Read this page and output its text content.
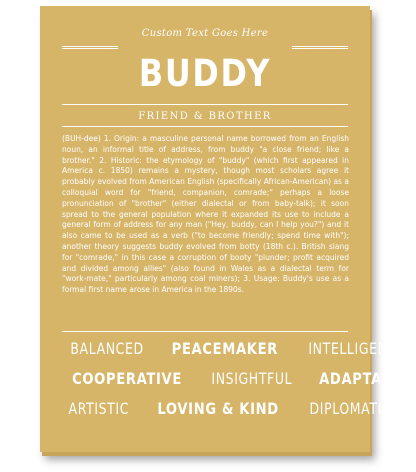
Custom Text Goes Here
BUDDY
FRIEND & BROTHER

(BUH-dee) 1. Origin: a masculine personal name borrowed from an English noun, an informal title of address, from buddy "a close friend; like a brother." 2. Historic: the etymology of "buddy" (which first appeared in America c. 1850) remains a mystery, though most scholars agree it probably evolved from American English (specifically African-American) as a colloquial word for "friend, companion, comrade;" perhaps a loose pronunciation of "brother" (either dialectal or from baby-talk); it soon spread to the general population where it expanded its use to include a general form of address for any man ("Hey, buddy, can I help you?") and it also came to be used as a verb ("to become friendly; spend time with"); another theory suggests buddy evolved from botty (18th c.). British slang for "comrade," in this case a corruption of booty "plunder; profit acquired and divided among allies" (also found in Wales as a dialectal term for "work-mate," particularly among coal miners); 3. Usage: Buddy's use as a formal first name arose in America in the 1890s.

BALANCED PEACEMAKER INTELLIGENT
COOPERATIVE INSIGHTFUL ADAPTABLE
ARTISTIC LOVING & KIND DIPLOMATIC
